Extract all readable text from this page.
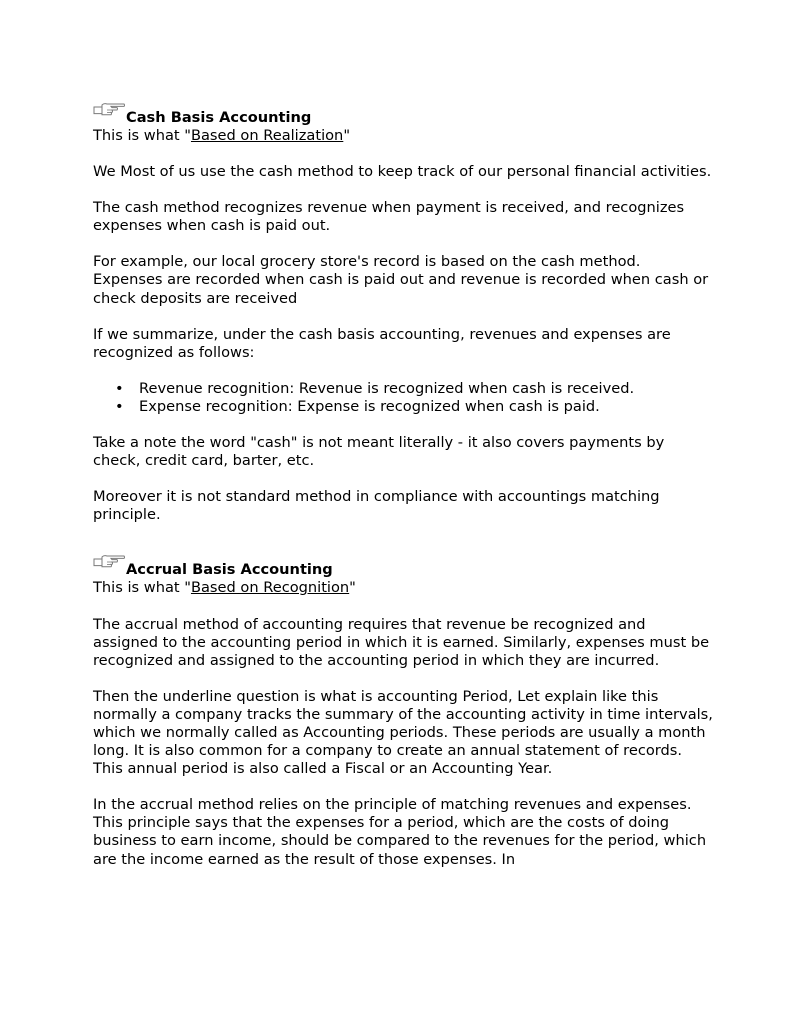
Cash Basis Accounting
This is what "Based on Realization"

We Most of us use the cash method to keep track of our personal financial activities.

The cash method recognizes revenue when payment is received, and recognizes expenses when cash is paid out.

For example, our local grocery store's record is based on the cash method. Expenses are recorded when cash is paid out and revenue is recorded when cash or check deposits are received

If we summarize, under the cash basis accounting, revenues and expenses are recognized as follows:

• Revenue recognition: Revenue is recognized when cash is received.
• Expense recognition: Expense is recognized when cash is paid.

Take a note the word "cash" is not meant literally - it also covers payments by check, credit card, barter, etc.

Moreover it is not standard method in compliance with accountings matching principle.

Accrual Basis Accounting
This is what "Based on Recognition"

The accrual method of accounting requires that revenue be recognized and assigned to the accounting period in which it is earned. Similarly, expenses must be recognized and assigned to the accounting period in which they are incurred.

Then the underline question is what is accounting Period, Let explain like this normally a company tracks the summary of the accounting activity in time intervals, which we normally called as Accounting periods. These periods are usually a month long. It is also common for a company to create an annual statement of records. This annual period is also called a Fiscal or an Accounting Year.

In the accrual method relies on the principle of matching revenues and expenses. This principle says that the expenses for a period, which are the costs of doing business to earn income, should be compared to the revenues for the period, which are the income earned as the result of those expenses. In
